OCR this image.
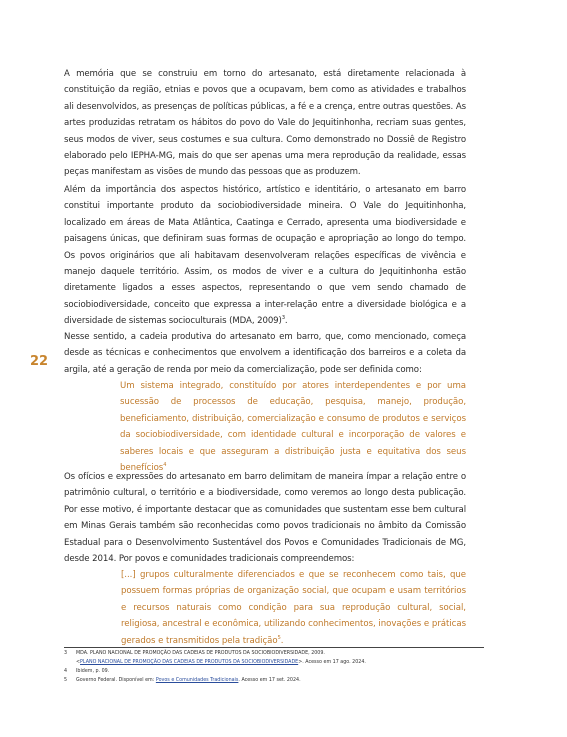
22
A memória que se construiu em torno do artesanato, está diretamente relacionada à constituição da região, etnias e povos que a ocupavam, bem como as atividades e trabalhos ali desenvolvidos, as presenças de políticas públicas, a fé e a crença, entre outras questões. As artes produzidas retratam os hábitos do povo do Vale do Jequitinhonha, recriam suas gentes, seus modos de viver, seus costumes e sua cultura. Como demonstrado no Dossiê de Registro elaborado pelo IEPHA-MG, mais do que ser apenas uma mera reprodução da realidade, essas peças manifestam as visões de mundo das pessoas que as produzem.
Além da importância dos aspectos histórico, artístico e identitário, o artesanato em barro constitui importante produto da sociobiodiversidade mineira. O Vale do Jequitinhonha, localizado em áreas de Mata Atlântica, Caatinga e Cerrado, apresenta uma biodiversidade e paisagens únicas, que definiram suas formas de ocupação e apropriação ao longo do tempo. Os povos originários que ali habitavam desenvolveram relações específicas de vivência e manejo daquele território. Assim, os modos de viver e a cultura do Jequitinhonha estão diretamente ligados a esses aspectos, representando o que vem sendo chamado de sociobiodiversidade, conceito que expressa a inter-relação entre a diversidade biológica e a diversidade de sistemas socioculturais (MDA, 2009)$^3$.
Nesse sentido, a cadeia produtiva do artesanato em barro, que, como mencionado, começa desde as técnicas e conhecimentos que envolvem a identificação dos barreiros e a coleta da argila, até a geração de renda por meio da comercialização, pode ser definida como:
Um sistema integrado, constituído por atores interdependentes e por uma sucessão de processos de educação, pesquisa, manejo, produção, beneficiamento, distribuição, comercialização e consumo de produtos e serviços da sociobiodiversidade, com identidade cultural e incorporação de valores e saberes locais e que asseguram a distribuição justa e equitativa dos seus benefícios$^4$
Os ofícios e expressões do artesanato em barro delimitam de maneira ímpar a relação entre o patrimônio cultural, o território e a biodiversidade, como veremos ao longo desta publicação. Por esse motivo, é importante destacar que as comunidades que sustentam esse bem cultural em Minas Gerais também são reconhecidas como povos tradicionais no âmbito da Comissão Estadual para o Desenvolvimento Sustentável dos Povos e Comunidades Tradicionais de MG, desde 2014. Por povos e comunidades tradicionais compreendemos:
[...] grupos culturalmente diferenciados e que se reconhecem como tais, que possuem formas próprias de organização social, que ocupam e usam territórios e recursos naturais como condição para sua reprodução cultural, social, religiosa, ancestral e econômica, utilizando conhecimentos, inovações e práticas gerados e transmitidos pela tradição$^5$.
3 MDA. PLANO NACIONAL DE PROMOÇÃO DAS CADEIAS DE PRODUTOS DA SOCIOBIODIVERSIDADE, 2009.
<PLANO NACIONAL DE PROMOÇÃO DAS CADEIAS DE PRODUTOS DA SOCIOBIODIVERSIDADE>. Acesso em 17 ago. 2024.
4 Ibidem, p. 09.
5 Governo Federal. Disponível em: Povos e Comunidades Tradicionais. Acesso em 17 set. 2024.
